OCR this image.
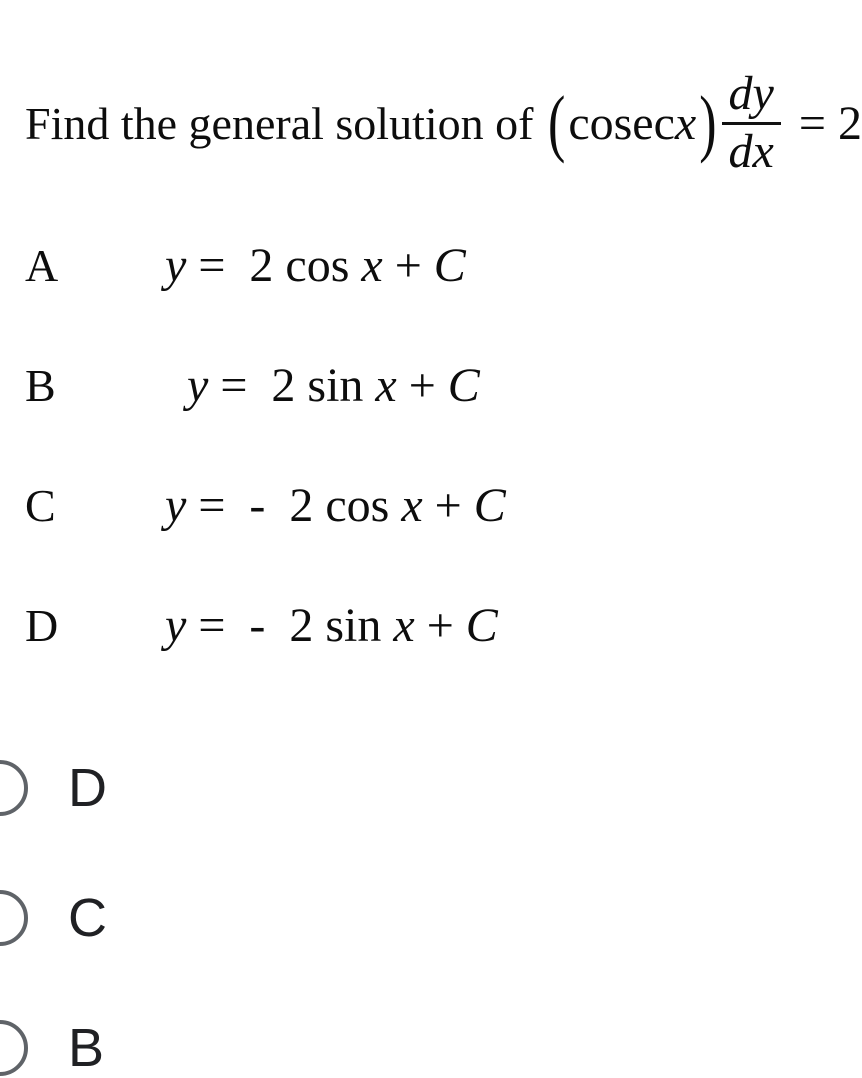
Find the general solution of ( cosec x ) $\frac{dy}{dx} = 2$
A	y =  2 cos x + C
B	y =  2 sin x + C
C	y =  -  2 cos x + C
D	y =  -  2 sin x + C
D
C
B
